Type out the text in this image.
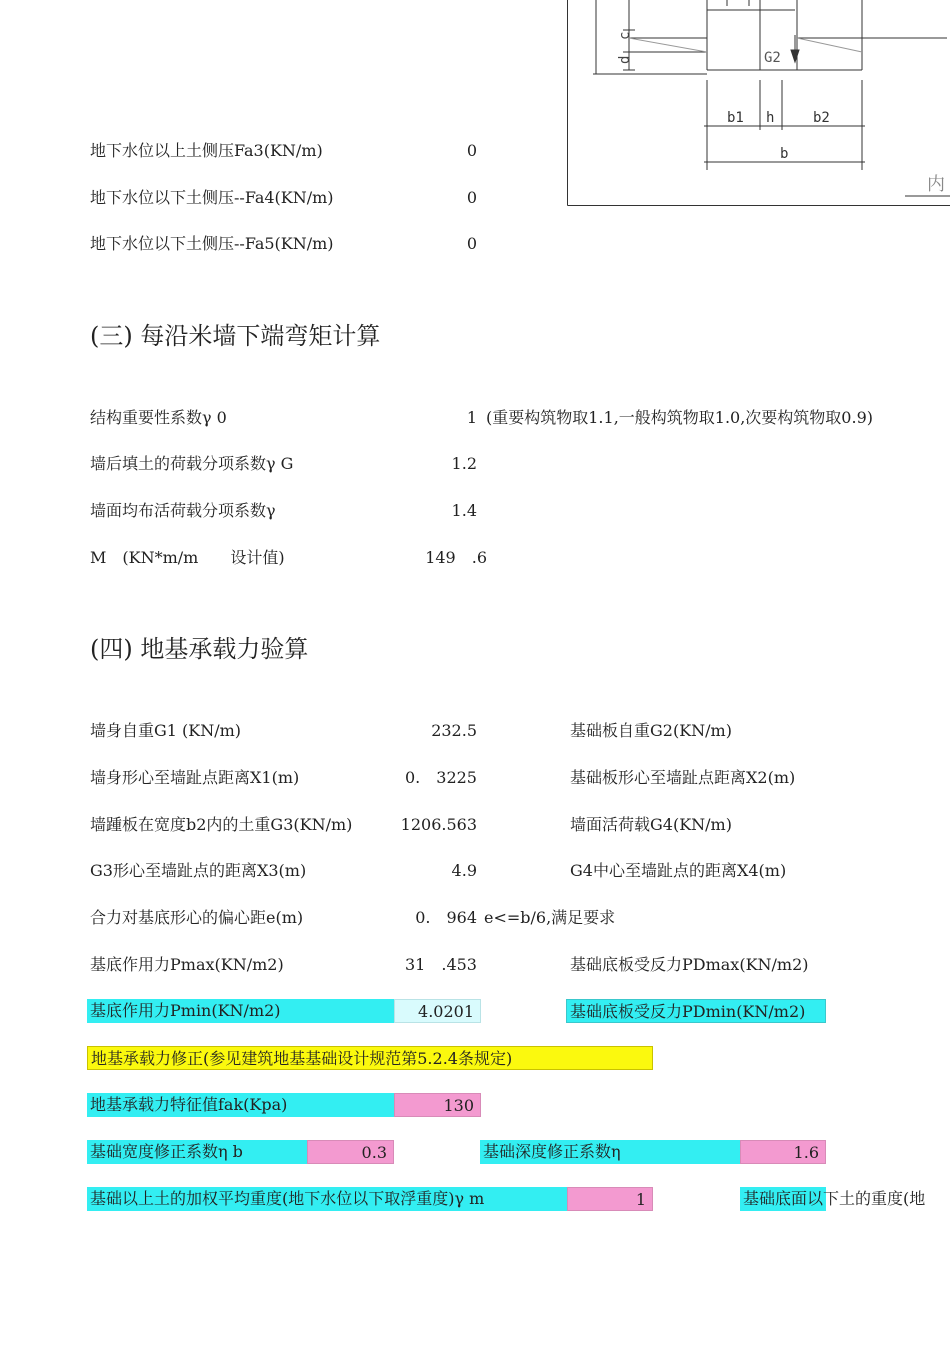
G2
d
c
b1 h	b2
b
内
地下水位以上土侧压Fa3(KN/m)	0
地下水位以下土侧压--Fa4(KN/m)	0
地下水位以下土侧压--Fa5(KN/m)	0
(三) 每沿米墙下端弯矩计算
结构重要性系数γ 0	1 (重要构筑物取1.1,一般构筑物取1.0,次要构筑物取0.9)
墙后填土的荷载分项系数γ G	1.2
墙面均布活荷载分项系数γ	1.4
M　(KN*m/m　　设计值)	149　.6
(四) 地基承载力验算
墙身自重G1 (KN/m)	232.5	基础板自重G2(KN/m)
墙身形心至墙趾点距离X1(m)	0.　3225	基础板形心至墙趾点距离X2(m)
墙踵板在宽度b2内的土重G3(KN/m)	1206.563	墙面活荷载G4(KN/m)
G3形心至墙趾点的距离X3(m)	4.9	G4中心至墙趾点的距离X4(m)
合力对基底形心的偏心距e(m)	0.　964 e<=b/6,满足要求
基底作用力Pmax(KN/m2)	31　.453	基础底板受反力PDmax(KN/m2)
基底作用力Pmin(KN/m2)	4.0201	基础底板受反力PDmin(KN/m2)
地基承载力修正(参见建筑地基基础设计规范第5.2.4条规定)
地基承载力特征值fak(Kpa)	130
基础宽度修正系数η b	0.3	基础深度修正系数η	1.6
基础以上土的加权平均重度(地下水位以下取浮重度)γ m	1	基础底面以下土的重度(地
